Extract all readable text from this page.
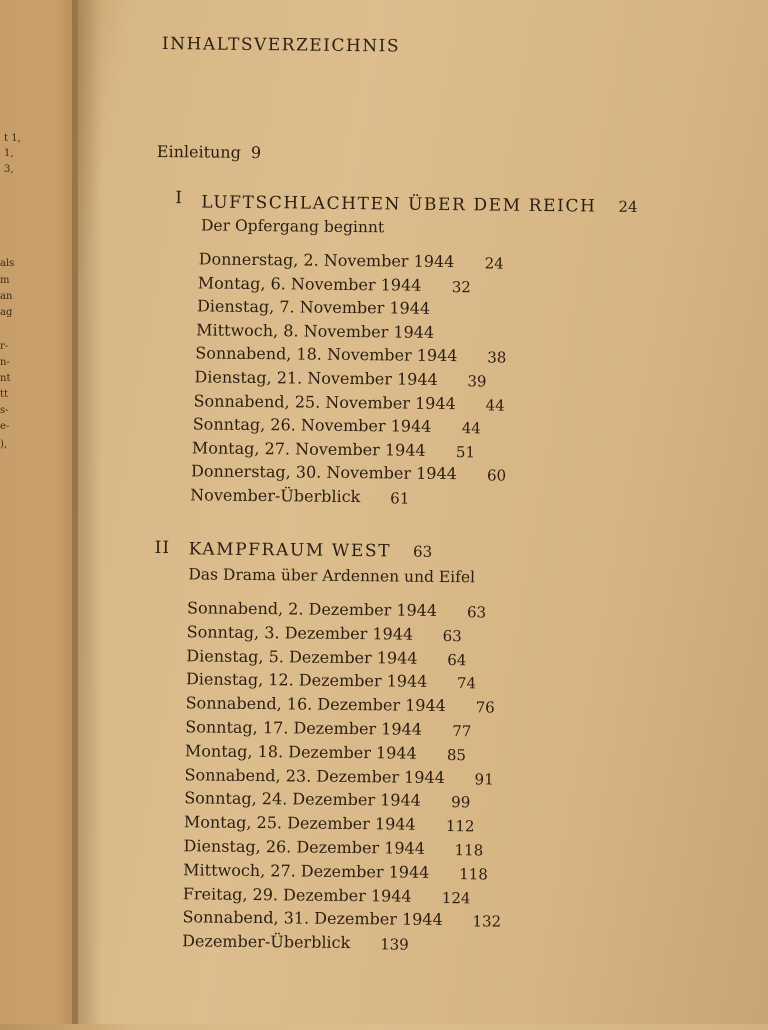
t 1,
1,
3,
als
m
an
ag
r-
n-
nt
tt
s-
e-
),
INHALTSVERZEICHNIS
Einleitung 9
I LUFTSCHLACHTEN ÜBER DEM REICH 24
Der Opfergang beginnt
Donnerstag, 2. November 1944 24
Montag, 6. November 1944 32
Dienstag, 7. November 1944
Mittwoch, 8. November 1944
Sonnabend, 18. November 1944 38
Dienstag, 21. November 1944 39
Sonnabend, 25. November 1944 44
Sonntag, 26. November 1944 44
Montag, 27. November 1944 51
Donnerstag, 30. November 1944 60
November-Überblick 61
II KAMPFRAUM WEST 63
Das Drama über Ardennen und Eifel
Sonnabend, 2. Dezember 1944 63
Sonntag, 3. Dezember 1944 63
Dienstag, 5. Dezember 1944 64
Dienstag, 12. Dezember 1944 74
Sonnabend, 16. Dezember 1944 76
Sonntag, 17. Dezember 1944 77
Montag, 18. Dezember 1944 85
Sonnabend, 23. Dezember 1944 91
Sonntag, 24. Dezember 1944 99
Montag, 25. Dezember 1944 112
Dienstag, 26. Dezember 1944 118
Mittwoch, 27. Dezember 1944 118
Freitag, 29. Dezember 1944 124
Sonnabend, 31. Dezember 1944 132
Dezember-Überblick 139
